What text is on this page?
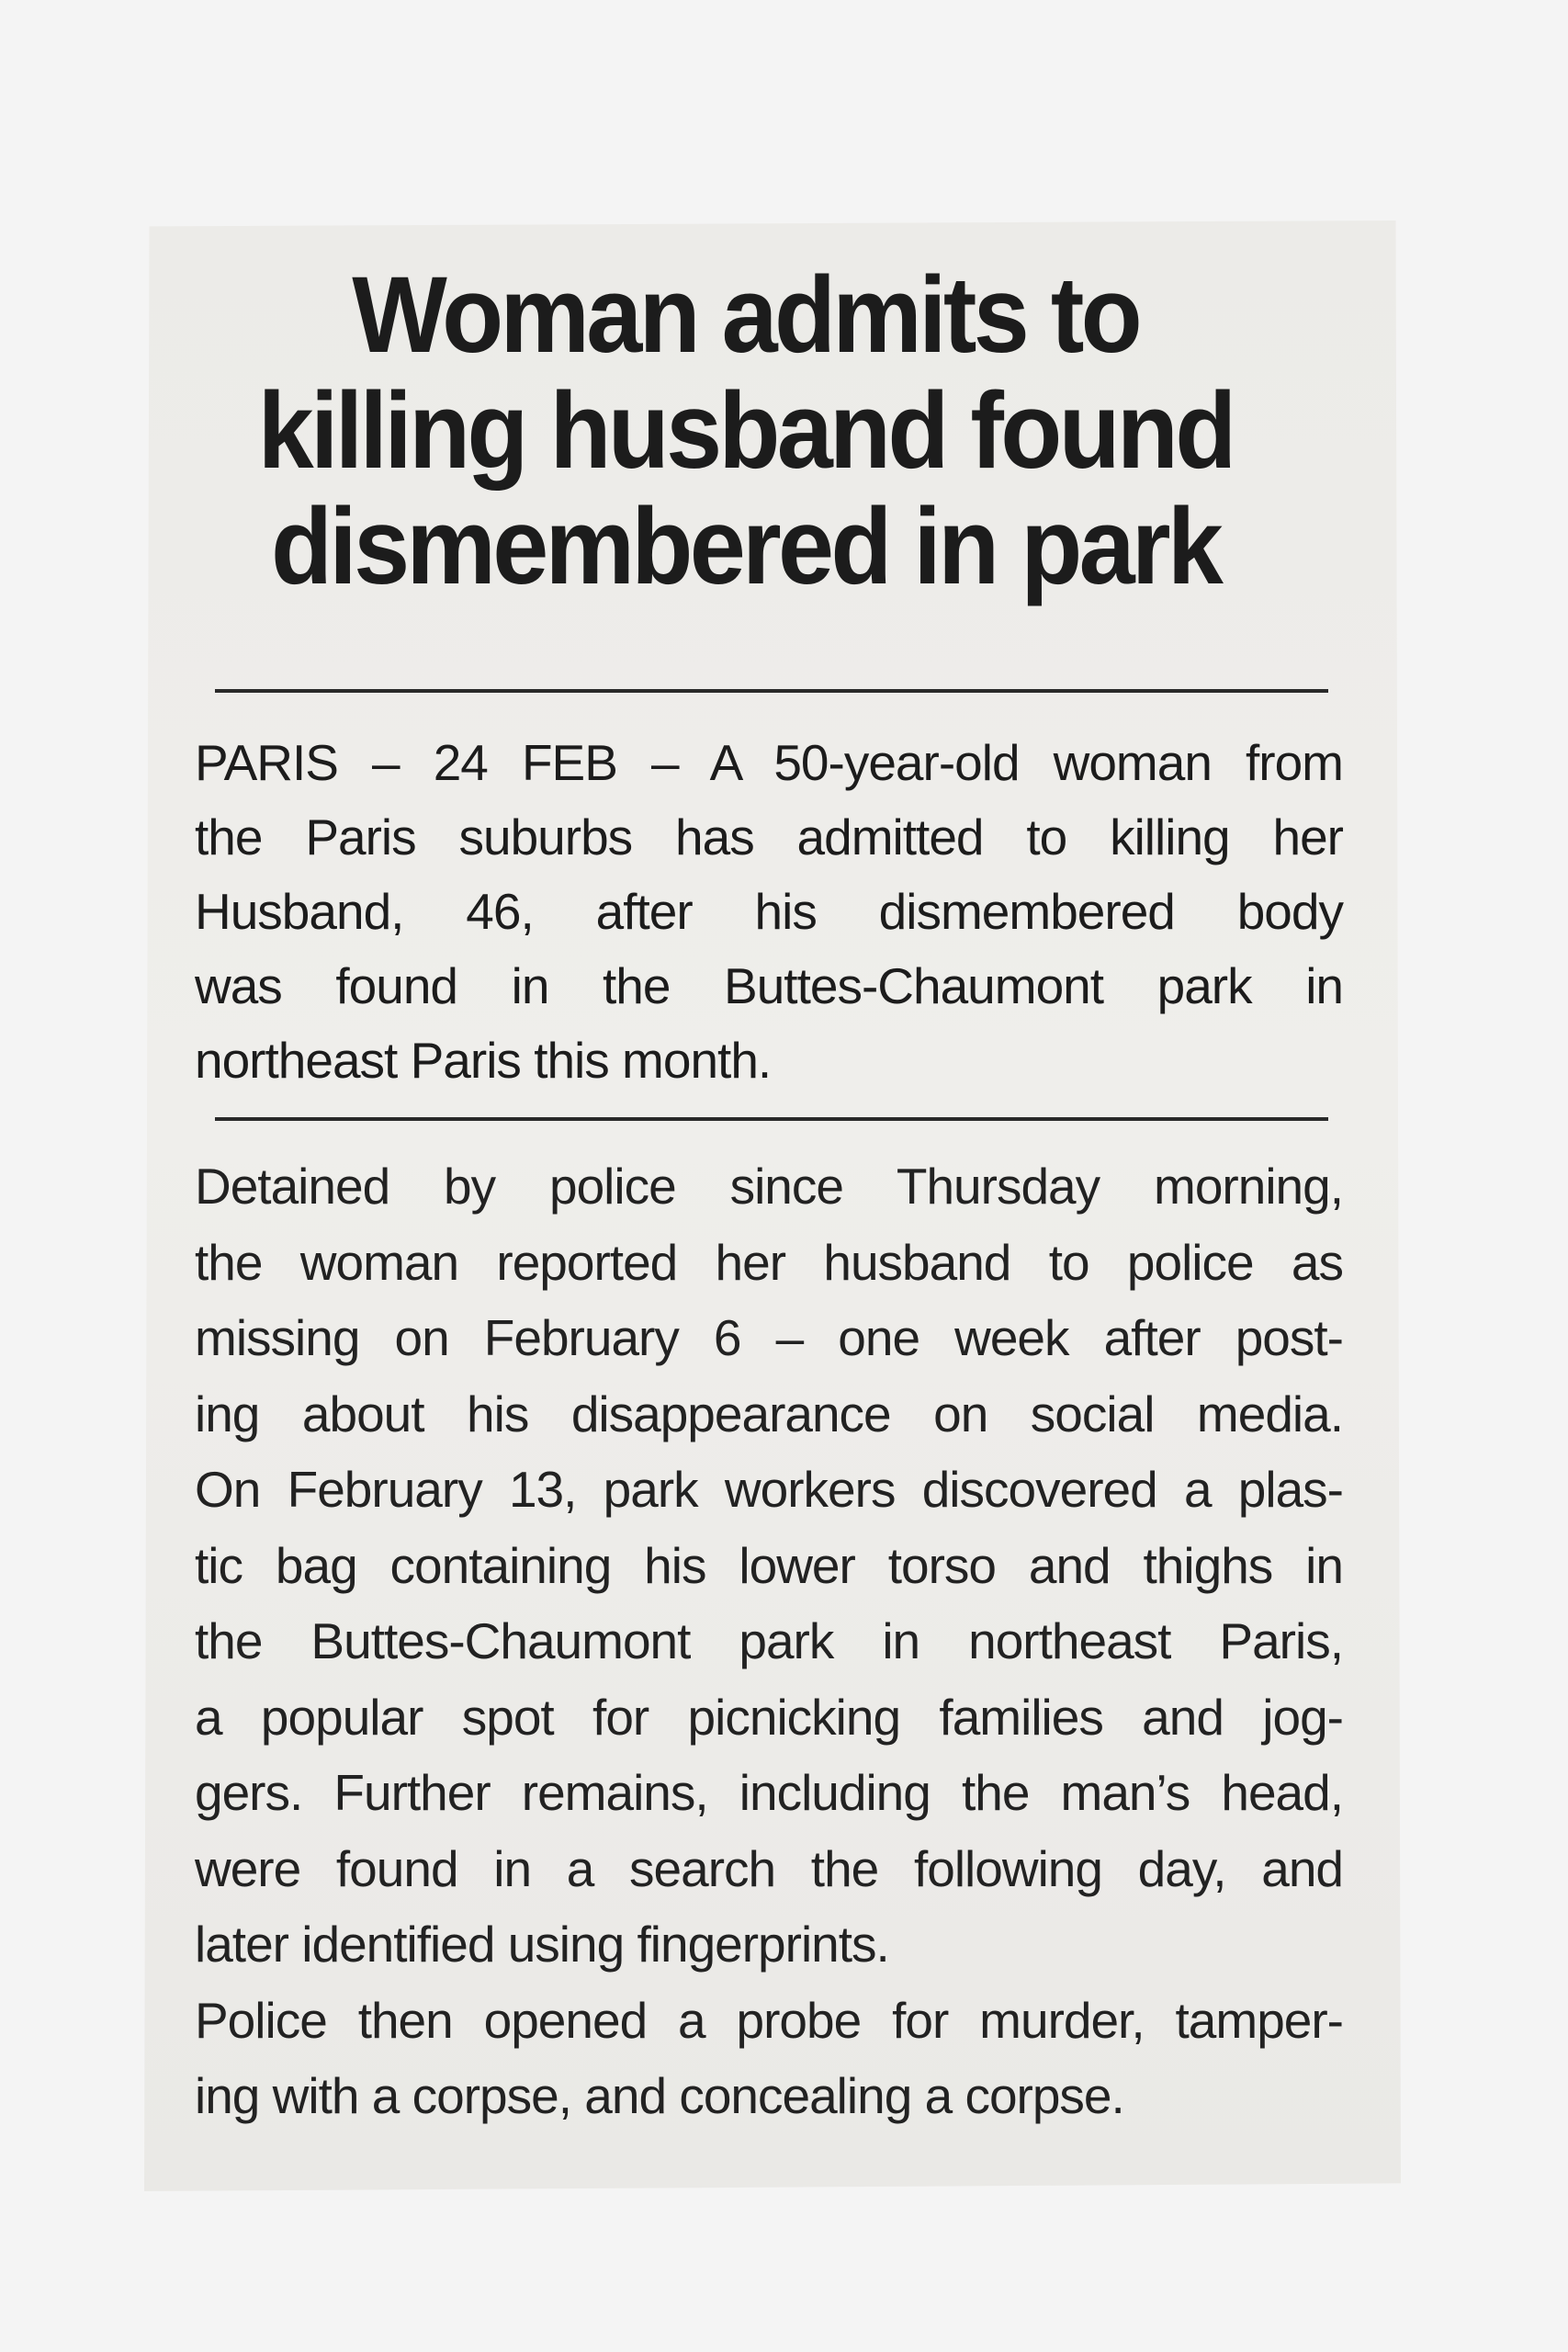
Woman admits to
killing husband found
dismembered in park
PARIS – 24 FEB – A 50-year-old woman from
the Paris suburbs has admitted to killing her
Husband, 46, after his dismembered body
was found in the Buttes-Chaumont park in
northeast Paris this month.
Detained by police since Thursday morning,
the woman reported her husband to police as
missing on February 6 – one week after post-
ing about his disappearance on social media.
On February 13, park workers discovered a plas-
tic bag containing his lower torso and thighs in
the Buttes-Chaumont park in northeast Paris,
a popular spot for picnicking families and jog-
gers. Further remains, including the man’s head,
were found in a search the following day, and
later identified using fingerprints.
Police then opened a probe for murder, tamper-
ing with a corpse, and concealing a corpse.
